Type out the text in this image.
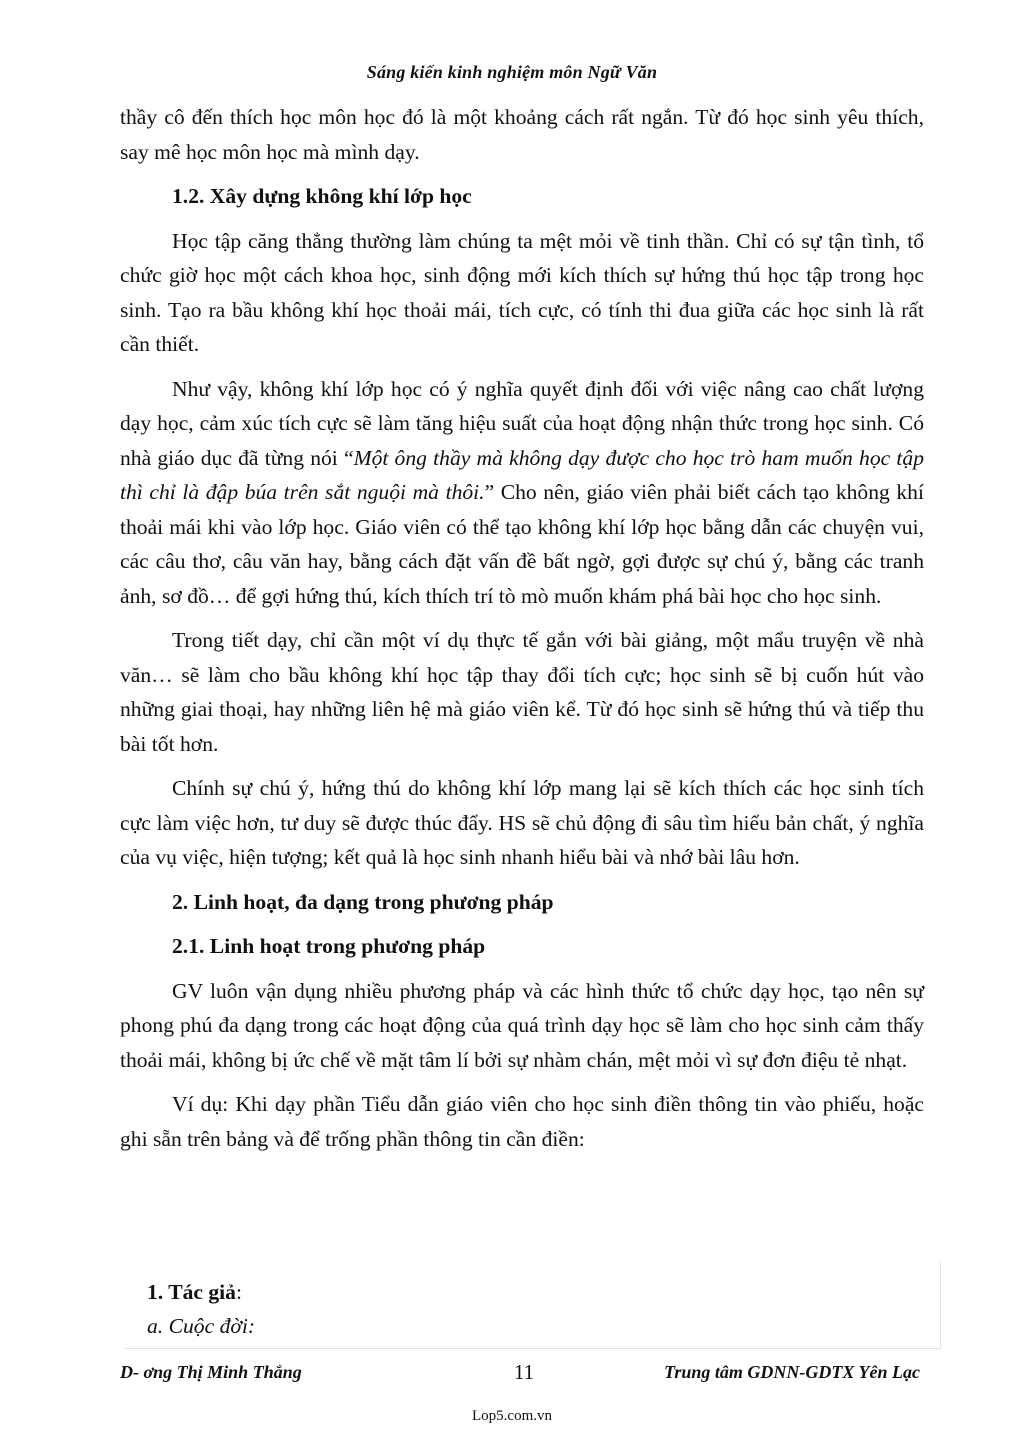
Sáng kiến kinh nghiệm môn Ngữ Văn

thầy cô đến thích học môn học đó là một khoảng cách rất ngắn. Từ đó học sinh yêu thích, say mê học môn học mà mình dạy.

1.2. Xây dựng không khí lớp học

Học tập căng thẳng thường làm chúng ta mệt mỏi về tinh thần. Chỉ có sự tận tình, tổ chức giờ học một cách khoa học, sinh động mới kích thích sự hứng thú học tập trong học sinh. Tạo ra bầu không khí học thoải mái, tích cực, có tính thi đua giữa các học sinh là rất cần thiết.

Như vậy, không khí lớp học có ý nghĩa quyết định đối với việc nâng cao chất lượng dạy học, cảm xúc tích cực sẽ làm tăng hiệu suất của hoạt động nhận thức trong học sinh. Có nhà giáo dục đã từng nói “Một ông thầy mà không dạy được cho học trò ham muốn học tập thì chỉ là đập búa trên sắt nguội mà thôi.” Cho nên, giáo viên phải biết cách tạo không khí thoải mái khi vào lớp học. Giáo viên có thể tạo không khí lớp học bằng dẫn các chuyện vui, các câu thơ, câu văn hay, bằng cách đặt vấn đề bất ngờ, gợi được sự chú ý, bằng các tranh ảnh, sơ đồ… để gợi hứng thú, kích thích trí tò mò muốn khám phá bài học cho học sinh.

Trong tiết dạy, chỉ cần một ví dụ thực tế gắn với bài giảng, một mẩu truyện về nhà văn… sẽ làm cho bầu không khí học tập thay đổi tích cực; học sinh sẽ bị cuốn hút vào những giai thoại, hay những liên hệ mà giáo viên kể. Từ đó học sinh sẽ hứng thú và tiếp thu bài tốt hơn.

Chính sự chú ý, hứng thú do không khí lớp mang lại sẽ kích thích các học sinh tích cực làm việc hơn, tư duy sẽ được thúc đẩy. HS sẽ chủ động đi sâu tìm hiểu bản chất, ý nghĩa của vụ việc, hiện tượng; kết quả là học sinh nhanh hiểu bài và nhớ bài lâu hơn.

2. Linh hoạt, đa dạng trong phương pháp
2.1. Linh hoạt trong phương pháp

GV luôn vận dụng nhiều phương pháp và các hình thức tổ chức dạy học, tạo nên sự phong phú đa dạng trong các hoạt động của quá trình dạy học sẽ làm cho học sinh cảm thấy thoải mái, không bị ức chế về mặt tâm lí bởi sự nhàm chán, mệt mỏi vì sự đơn điệu tẻ nhạt.

Ví dụ: Khi dạy phần Tiểu dẫn giáo viên cho học sinh điền thông tin vào phiếu, hoặc ghi sẵn trên bảng và để trống phần thông tin cần điền:

1. Tác giả:
a. Cuộc đời:
D- ơng Thị Minh Thắng	11	Trung tâm GDNN-GDTX Yên Lạc
Lop5.com.vn
